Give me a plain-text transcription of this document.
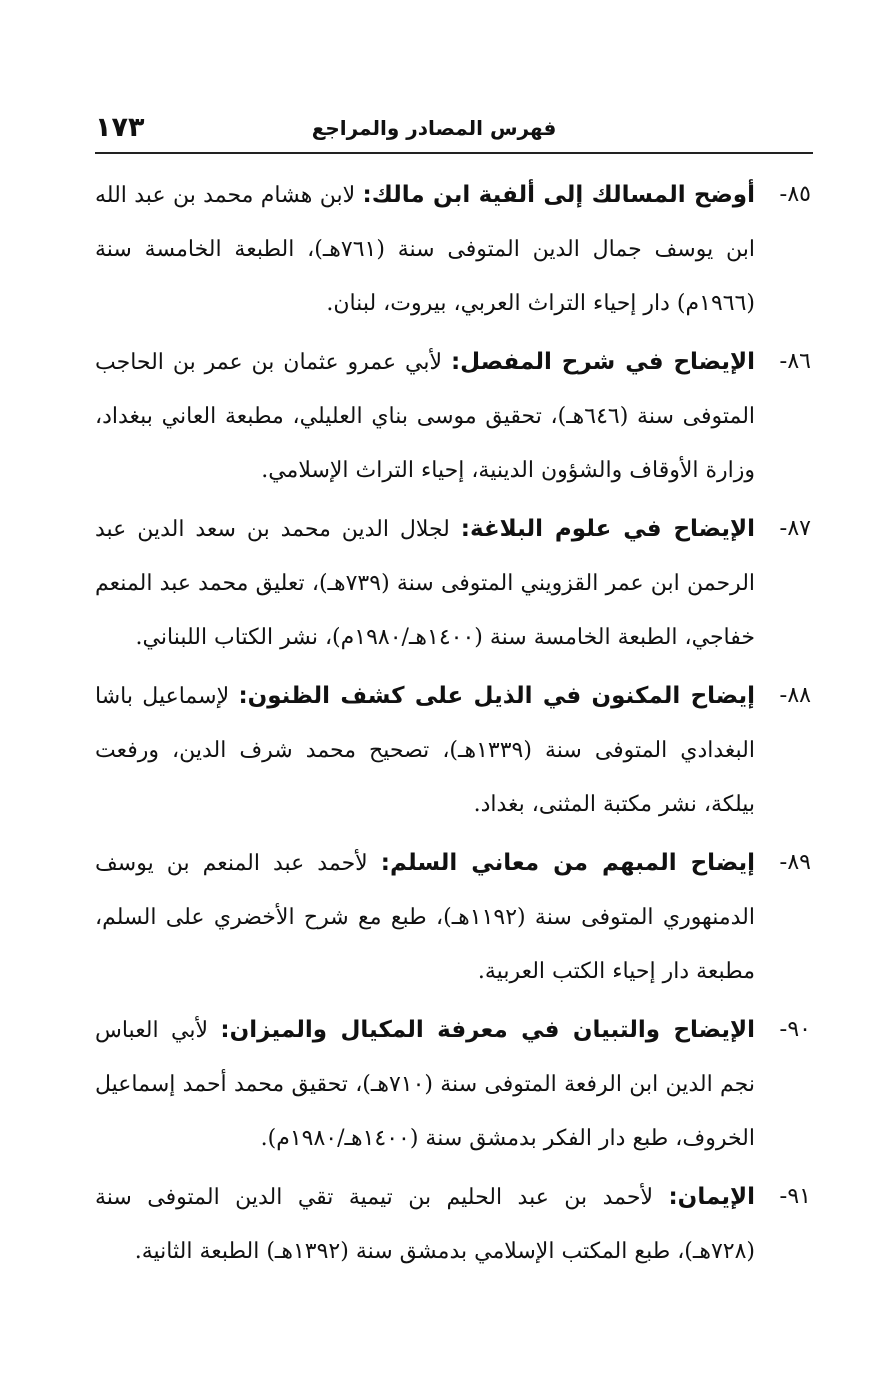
١٧٣	فهرس المصادر والمراجع
٨٥-
أوضح المسالك إلى ألفية ابن مالك: لابن هشام محمد بن عبد الله ابن يوسف جمال الدين المتوفى سنة (٧٦١هـ)، الطبعة الخامسة سنة (١٩٦٦م) دار إحياء التراث العربي، بيروت، لبنان.
٨٦-
الإيضاح في شرح المفصل: لأبي عمرو عثمان بن عمر بن الحاجب المتوفى سنة (٦٤٦هـ)، تحقيق موسى بناي العليلي، مطبعة العاني ببغداد، وزارة الأوقاف والشؤون الدينية، إحياء التراث الإسلامي.
٨٧-
الإيضاح في علوم البلاغة: لجلال الدين محمد بن سعد الدين عبد الرحمن ابن عمر القزويني المتوفى سنة (٧٣٩هـ)، تعليق محمد عبد المنعم خفاجي، الطبعة الخامسة سنة (١٤٠٠هـ/١٩٨٠م)، نشر الكتاب اللبناني.
٨٨-
إيضاح المكنون في الذيل على كشف الظنون: لإسماعيل باشا البغدادي المتوفى سنة (١٣٣٩هـ)، تصحيح محمد شرف الدين، ورفعت بيلكة، نشر مكتبة المثنى، بغداد.
٨٩-
إيضاح المبهم من معاني السلم: لأحمد عبد المنعم بن يوسف الدمنهوري المتوفى سنة (١١٩٢هـ)، طبع مع شرح الأخضري على السلم، مطبعة دار إحياء الكتب العربية.
٩٠-
الإيضاح والتبيان في معرفة المكيال والميزان: لأبي العباس نجم الدين ابن الرفعة المتوفى سنة (٧١٠هـ)، تحقيق محمد أحمد إسماعيل الخروف، طبع دار الفكر بدمشق سنة (١٤٠٠هـ/١٩٨٠م).
٩١-
الإيمان: لأحمد بن عبد الحليم بن تيمية تقي الدين المتوفى سنة (٧٢٨هـ)، طبع المكتب الإسلامي بدمشق سنة (١٣٩٢هـ) الطبعة الثانية.
